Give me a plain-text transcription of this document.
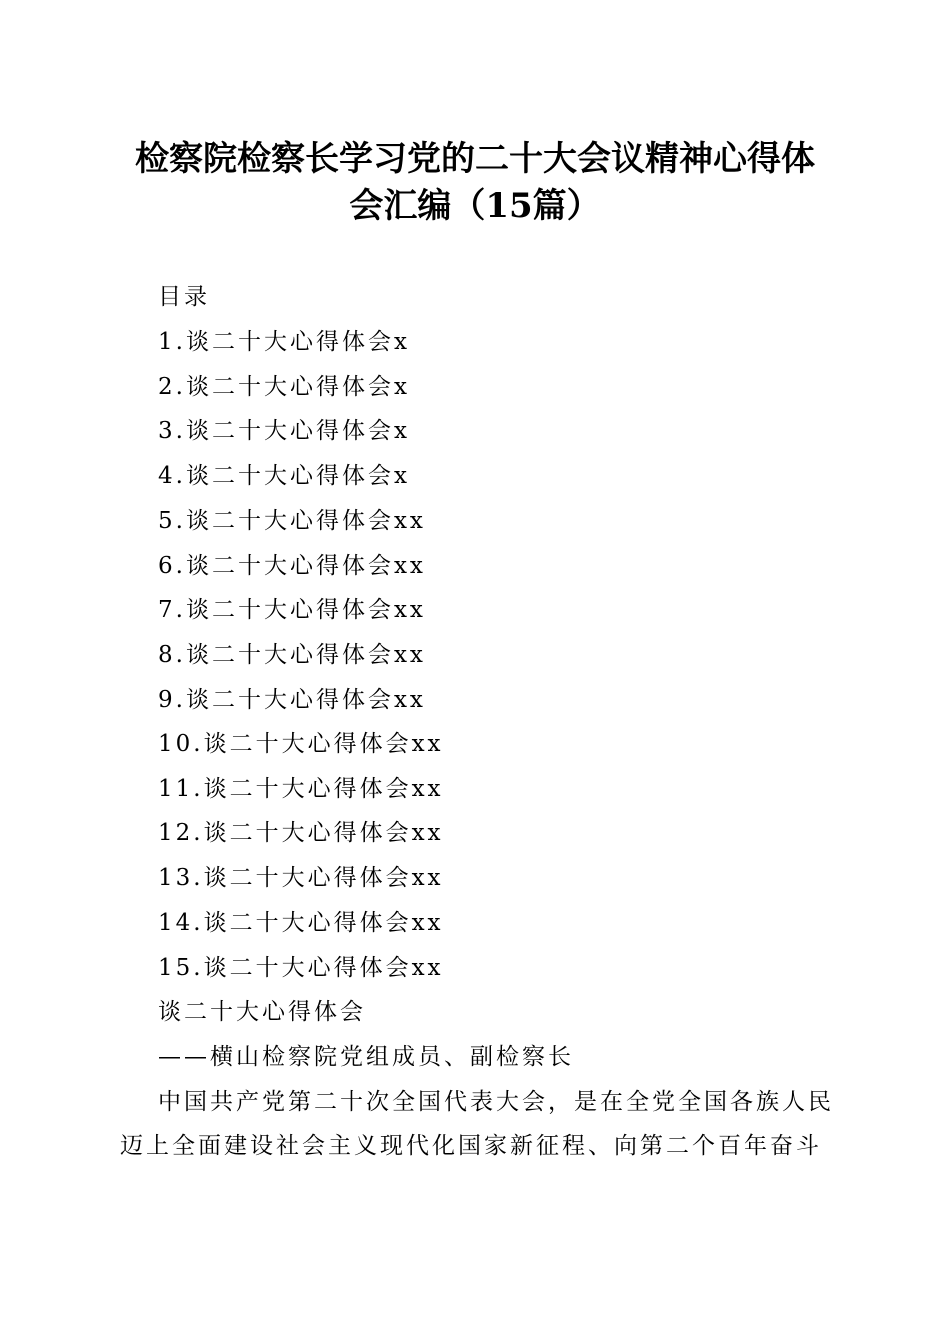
检察院检察长学习党的二十大会议精神心得体
会汇编（15篇）
目录
1.谈二十大心得体会x
2.谈二十大心得体会x
3.谈二十大心得体会x
4.谈二十大心得体会x
5.谈二十大心得体会xx
6.谈二十大心得体会xx
7.谈二十大心得体会xx
8.谈二十大心得体会xx
9.谈二十大心得体会xx
10.谈二十大心得体会xx
11.谈二十大心得体会xx
12.谈二十大心得体会xx
13.谈二十大心得体会xx
14.谈二十大心得体会xx
15.谈二十大心得体会xx
谈二十大心得体会
——横山检察院党组成员、副检察长
中国共产党第二十次全国代表大会，是在全党全国各族人民
迈上全面建设社会主义现代化国家新征程、向第二个百年奋斗
